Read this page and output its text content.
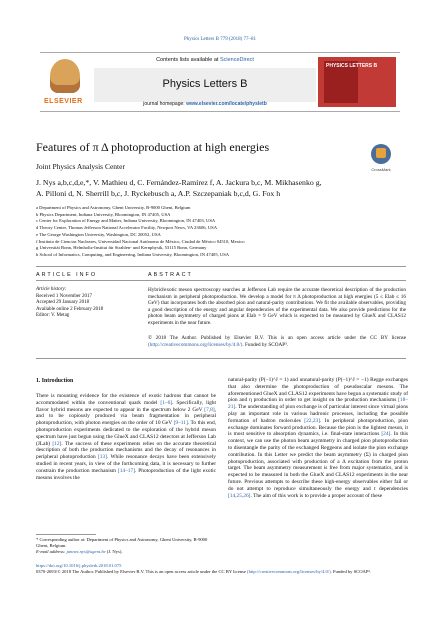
Physics Letters B 779 (2018) 77–81
ELSEVIER
Contents lists available at ScienceDirect
Physics Letters B
journal homepage: www.elsevier.com/locate/physletb
PHYSICS LETTERS B
Features of π Δ photoproduction at high energies
Joint Physics Analysis Center	CrossMark
J. Nys a,b,c,d,e,*, V. Mathieu d, C. Fernández-Ramírez f, A. Jackura b,c, M. Mikhasenko g,
A. Pilloni d, N. Sherrill b,c, J. Ryckebusch a, A.P. Szczepaniak b,c,d, G. Fox h
a Department of Physics and Astronomy, Ghent University, B-9000 Ghent, Belgium
b Physics Department, Indiana University, Bloomington, IN 47405, USA
c Center for Exploration of Energy and Matter, Indiana University, Bloomington, IN 47403, USA
d Theory Center, Thomas Jefferson National Accelerator Facility, Newport News, VA 23606, USA
e The George Washington University, Washington, DC 20052, USA
f Instituto de Ciencias Nucleares, Universidad Nacional Autónoma de México, Ciudad de México 04510, Mexico
g Universität Bonn, Helmholtz-Institut für Strahlen- und Kernphysik, 53115 Bonn, Germany
h School of Informatics, Computing, and Engineering, Indiana University, Bloomington, IN 47405, USA
ARTICLE INFO	ABSTRACT
Article history:
Received 1 November 2017
Accepted 29 January 2018
Available online 2 February 2018
Editor: V. Metag
Hybrid/exotic meson spectroscopy searches at Jefferson Lab require the accurate theoretical description of the production mechanism in peripheral photoproduction. We develop a model for π Δ photoproduction at high energies (5 ≤ Elab ≤ 16 GeV) that incorporates both the absorbed pion and natural-parity contributions. We fit the available observables, providing a good description of the energy and angular dependencies of the experimental data. We also provide predictions for the photon beam asymmetry of charged pions at Elab = 9 GeV which is expected to be measured by GlueX and CLAS12 experiments in the near future.
© 2018 The Author. Published by Elsevier B.V. This is an open access article under the CC BY license (http://creativecommons.org/licenses/by/4.0/). Funded by SCOAP³.
1. Introduction
There is mounting evidence for the existence of exotic hadrons that cannot be accommodated within the conventional quark model [1–6]. Specifically, light flavor hybrid mesons are expected to appear in the spectrum below 2 GeV [7,8], and to be copiously produced via beam fragmentation in peripheral photoproduction, with photon energies on the order of 10 GeV [9–11]. To this end, photoproduction experiments dedicated to the exploration of the hybrid meson spectrum have just begun using the GlueX and CLAS12 detectors at Jefferson Lab (JLab) [12]. The success of these experiments relies on the accurate theoretical description of both the production mechanisms and the decay of resonances in peripheral photoproduction [13]. While resonance decays have been extensively studied in recent years, in view of the forthcoming data, it is necessary to further constrain the production mechanism [14–17]. Photoproduction of the light exotic mesons involves the
natural-parity (P(−1)^J = 1) and unnatural-parity (P(−1)^J = −1) Regge exchanges that also determine the photoproduction of pseudoscalar mesons. The aforementioned GlueX and CLAS12 experiments have begun a systematic study of pion and η production in order to get insight on the production mechanisms [18–21]. The understanding of pion exchange is of particular interest since virtual pions play an important role in various hadronic processes, including the possible formation of hadron molecules [22,23]. In peripheral photoproduction, pion exchange dominates forward production. Because the pion is the lightest meson, it is most sensitive to absorption dynamics, i.e. final-state interactions [24]. In this context, we can use the photon beam asymmetry in charged pion photoproduction to disentangle the parity of the exchanged Reggeons and isolate the pion exchange contribution. In this Letter we predict the beam asymmetry (Σ) in charged pion photoproduction, associated with production of a Δ excitation from the proton target. The beam asymmetry measurement is free from major systematics, and is expected to be measured in both the GlueX and CLAS12 experiments in the near future. Previous attempts to describe these high-energy observables either fail or do not attempt to reproduce simultaneously the energy and t dependencies [14,25,26]. The aim of this work is to provide a proper account of these
* Corresponding author at: Department of Physics and Astronomy, Ghent University, B-9000 Ghent, Belgium.
E-mail address: jannes.nys@ugent.be (J. Nys).
https://doi.org/10.1016/j.physletb.2018.01.075
0370-2693/© 2018 The Author. Published by Elsevier B.V. This is an open access article under the CC BY license (http://creativecommons.org/licenses/by/4.0/). Funded by SCOAP³.
